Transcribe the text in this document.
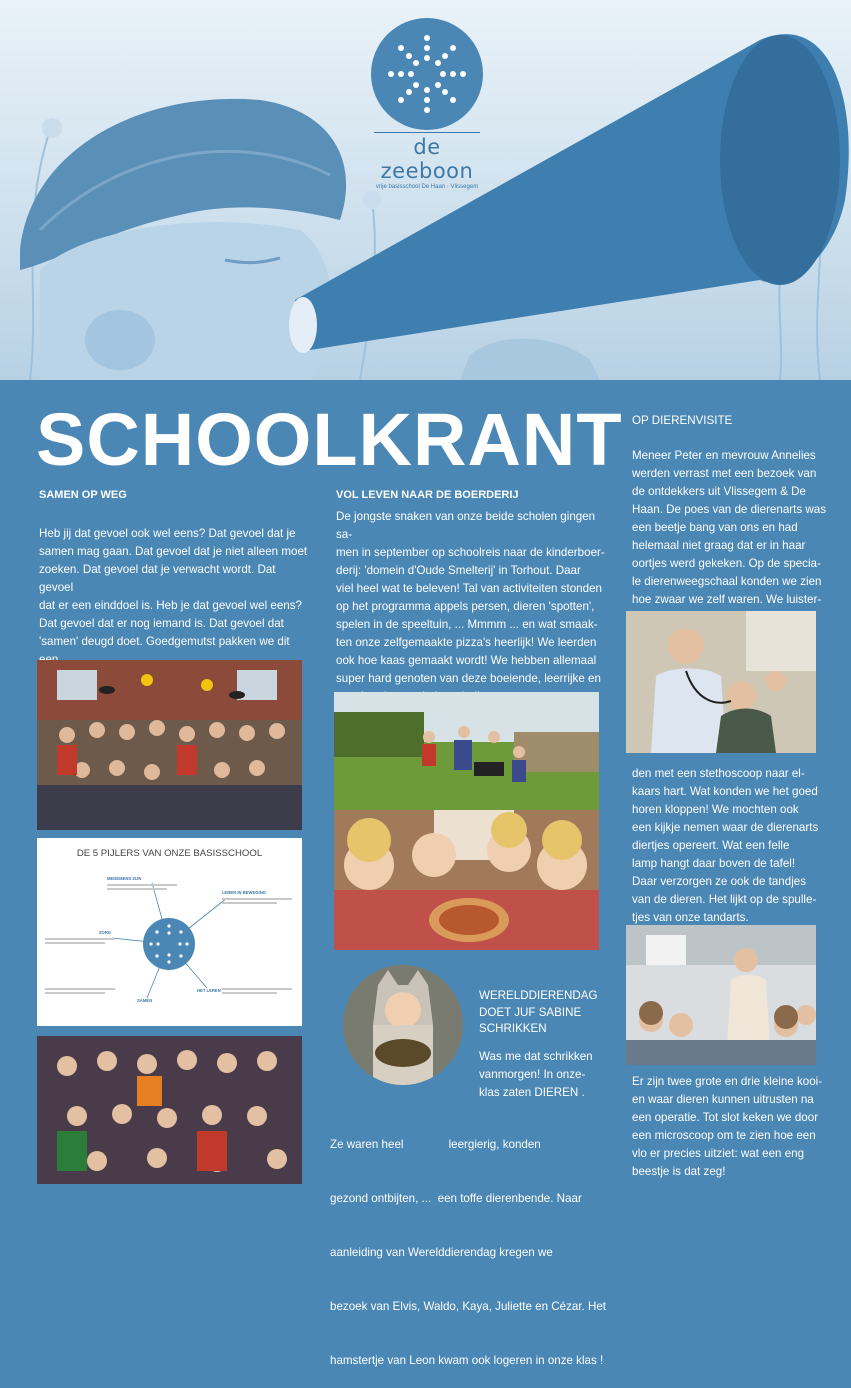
de zeeboon
vrije basisschool De Haan · Vlissegem
SCHOOLKRANT
SAMEN OP WEG
Heb jij dat gevoel ook wel eens? Dat gevoel dat je
samen mag gaan. Dat gevoel dat je niet alleen moet
zoeken. Dat gevoel dat je verwacht wordt. Dat gevoel
dat er een einddoel is. Heb je dat gevoel wel eens?
Dat gevoel dat er nog iemand is. Dat gevoel dat
'samen' deugd doet. Goedgemutst pakken we dit
DE 5 PIJLERS VAN ONZE BASISSCHOOL
MEDEMENS ZIJN
LEREN IN BEWEGING
ZORG
SAMEN
HET LEREN
VOL LEVEN NAAR DE BOERDERIJ
De jongste snaken van onze beide scholen gingen sa-
men in september op schoolreis naar de kinderboer-
derij: 'domein d'Oude Smelterij' in Torhout. Daar
viel heel wat te beleven! Tal van activiteiten stonden
op het programma appels persen, dieren 'spotten',
spelen in de speeltuin, ... Mmmm ... en wat smaak-
ten onze zelfgemaakte pizza's heerlijk! We leerden
ook hoe kaas gemaakt wordt! We hebben allemaal
super hard genoten van deze boeiende, leerrijke en
WERELDDIERENDAG
DOET JUF SABINE
SCHRIKKEN
Was me dat schrikken
vanmorgen! In onze-
klas zaten DIEREN .

Ze waren heel              leergierig, konden

gezond ontbijten, ...  een toffe dierenbende. Naar

aanleiding van Werelddierendag kregen we

bezoek van Elvis, Waldo, Kaya, Juliette en Cézar. Het

hamstertje van Leon kwam ook logeren in onze klas !

OP DIERENVISITE
Meneer Peter en mevrouw Annelies
werden verrast met een bezoek van
de ontdekkers uit Vlissegem & De
Haan. De poes van de dierenarts was
een beetje bang van ons en had
helemaal niet graag dat er in haar
oortjes werd gekeken. Op de specia-
le dierenweegschaal konden we zien
hoe zwaar we zelf waren. We luister-
den met een stethoscoop naar el-
kaars hart. Wat konden we het goed
horen kloppen! We mochten ook
een kijkje nemen waar de dierenarts
diertjes opereert. Wat een felle
lamp hangt daar boven de tafel!
Daar verzorgen ze ook de tandjes
van de dieren. Het lijkt op de spulle-
tjes van onze tandarts.
Er zijn twee grote en drie kleine kooi-
en waar dieren kunnen uitrusten na
een operatie. Tot slot keken we door
een microscoop om te zien hoe een
vlo er precies uitziet: wat een eng
beestje is dat zeg!
